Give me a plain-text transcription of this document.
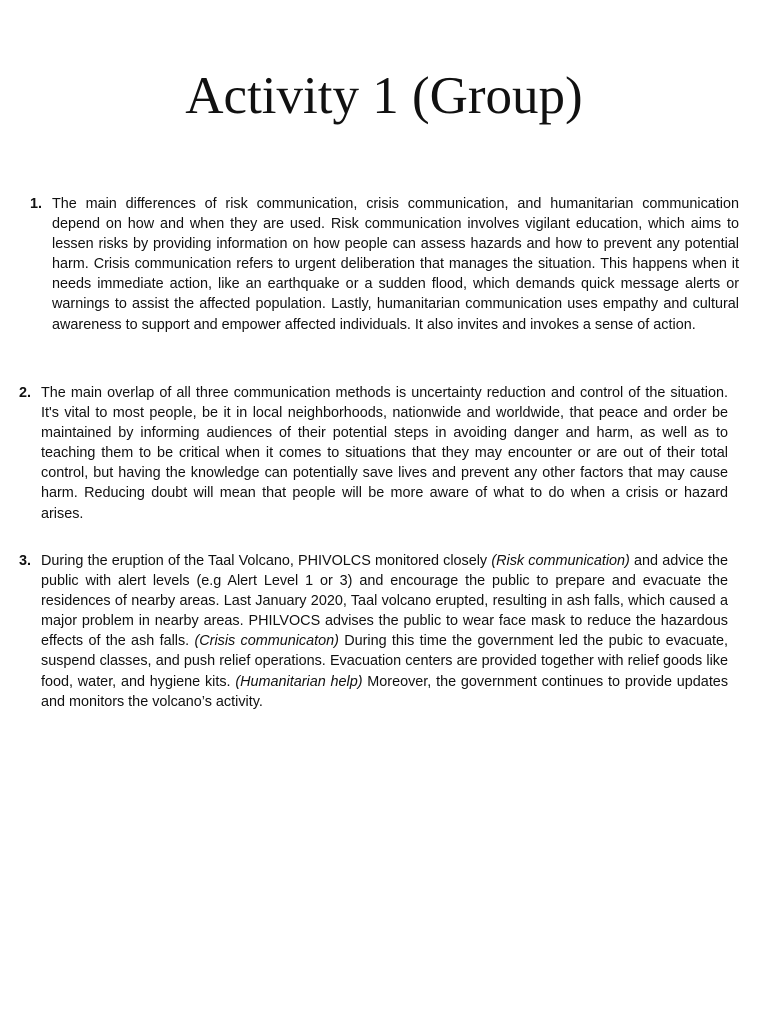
Activity 1 (Group)
1. The main differences of risk communication, crisis communication, and humanitarian communication depend on how and when they are used. Risk communication involves vigilant education, which aims to lessen risks by providing information on how people can assess hazards and how to prevent any potential harm. Crisis communication refers to urgent deliberation that manages the situation. This happens when it needs immediate action, like an earthquake or a sudden flood, which demands quick message alerts or warnings to assist the affected population. Lastly, humanitarian communication uses empathy and cultural awareness to support and empower affected individuals. It also invites and invokes a sense of action.

2. The main overlap of all three communication methods is uncertainty reduction and control of the situation. It's vital to most people, be it in local neighborhoods, nationwide and worldwide, that peace and order be maintained by informing audiences of their potential steps in avoiding danger and harm, as well as to teaching them to be critical when it comes to situations that they may encounter or are out of their total control, but having the knowledge can potentially save lives and prevent any other factors that may cause harm. Reducing doubt will mean that people will be more aware of what to do when a crisis or hazard arises.

3. During the eruption of the Taal Volcano, PHIVOLCS monitored closely (Risk communication) and advice the public with alert levels (e.g Alert Level 1 or 3) and encourage the public to prepare and evacuate the residences of nearby areas. Last January 2020, Taal volcano erupted, resulting in ash falls, which caused a major problem in nearby areas. PHILVOCS advises the public to wear face mask to reduce the hazardous effects of the ash falls. (Crisis communicaton) During this time the government led the pubic to evacuate, suspend classes, and push relief operations. Evacuation centers are provided together with relief goods like food, water, and hygiene kits. (Humanitarian help) Moreover, the government continues to provide updates and monitors the volcano’s activity.
